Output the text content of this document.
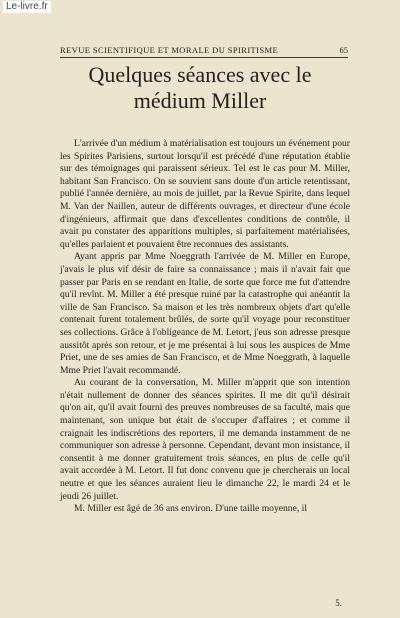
Le-livre.fr
REVUE SCIENTIFIQUE ET MORALE DU SPIRITISME	65
Quelques séances avec le
médium Miller

L'arrivée d'un médium à matérialisation est toujours un événement pour les Spirites Parisiens, surtout lorsqu'il est précédé d'une réputation établie sur des témoignages qui paraissent sérieux. Tel est le cas pour M. Miller, habitant San Francisco. On se souvient sans doute d'un article retentissant, publié l'année dernière, au mois de juillet, par la Revue Spirite, dans lequel M. Van der Naillen, auteur de différents ouvrages, et directeur d'une école d'ingénieurs, affirmait que dans d'excellentes conditions de contrôle, il avait pu constater des apparitions multiples, si parfaitement matérialisées, qu'elles parlaient et pouvaient être reconnues des assistants.

Ayant appris par Mme Noeggrath l'arrivée de M. Miller en Europe, j'avais le plus vif désir de faire sa connaissance ; mais il n'avait fait que passer par Paris en se rendant en Italie, de sorte que force me fut d'attendre qu'il revînt. M. Miller a été presque ruiné par la catastrophe qui anéantit la ville de San Francisco. Sa maison et les très nombreux objets d'art qu'elle contenait furent totalement brûlés, de sorte qu'il voyage pour reconstituer ses collections. Grâce à l'obligeance de M. Letort, j'eus son adresse presque aussitôt après son retour, et je me présentai à lui sous les auspices de Mme Priet, une de ses amies de San Francisco, et de Mme Noeggrath, à laquelle Mme Priet l'avait recommandé.

Au courant de la conversation, M. Miller m'apprit que son intention n'était nullement de donner des séances spirites. Il me dit qu'il désirait qu'on ait, qu'il avait fourni des preuves nombreuses de sa faculté, mais que maintenant, son unique but était de s'occuper d'affaires ; et comme il craignait les indiscrétions des reporters, il me demanda instamment de ne communiquer son adresse à personne. Cependant, devant mon insistance, il consentit à me donner gratuitement trois séances, en plus de celle qu'il avait accordée à M. Letort. Il fut donc convenu que je chercherais un local neutre et que les séances auraient lieu le dimanche 22, le mardi 24 et le jeudi 26 juillet.

M. Miller est âgé de 36 ans environ. D'une taille moyenne, il

5.
